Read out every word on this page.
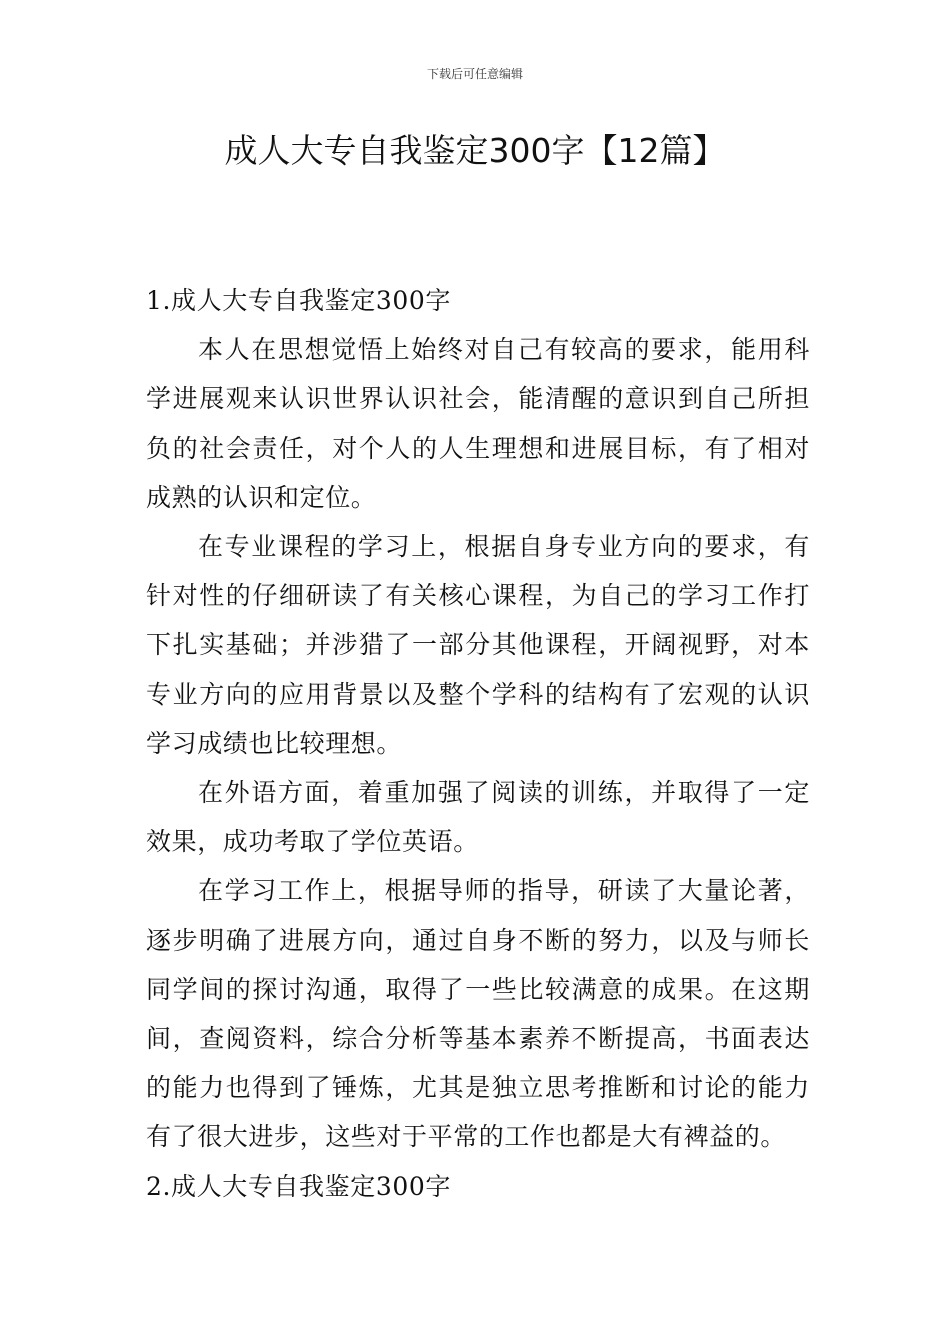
下载后可任意编辑
成人大专自我鉴定300字【12篇】

1.成人大专自我鉴定300字

本人在思想觉悟上始终对自己有较高的要求，能用科学进展观来认识世界认识社会，能清醒的意识到自己所担负的社会责任，对个人的人生理想和进展目标，有了相对成熟的认识和定位。

在专业课程的学习上，根据自身专业方向的要求，有针对性的仔细研读了有关核心课程，为自己的学习工作打下扎实基础；并涉猎了一部分其他课程，开阔视野，对本专业方向的应用背景以及整个学科的结构有了宏观的认识学习成绩也比较理想。

在外语方面，着重加强了阅读的训练，并取得了一定效果，成功考取了学位英语。

在学习工作上，根据导师的指导，研读了大量论著，逐步明确了进展方向，通过自身不断的努力，以及与师长同学间的探讨沟通，取得了一些比较满意的成果。在这期间，查阅资料，综合分析等基本素养不断提高，书面表达的能力也得到了锤炼，尤其是独立思考推断和讨论的能力有了很大进步，这些对于平常的工作也都是大有裨益的。

2.成人大专自我鉴定300字
